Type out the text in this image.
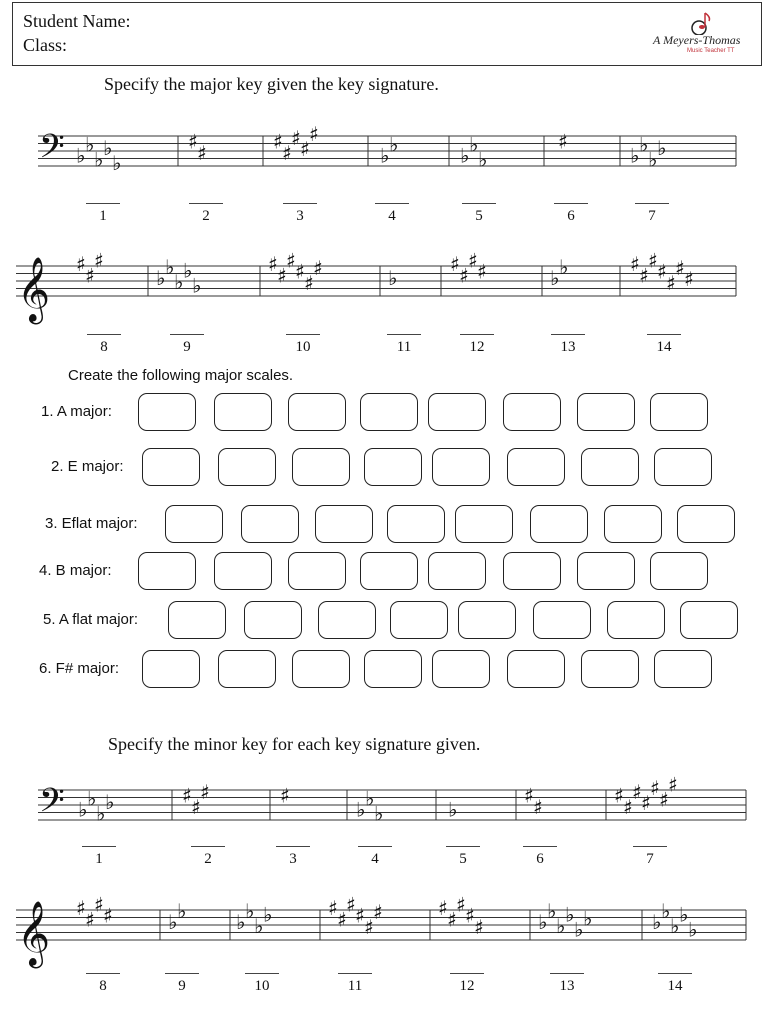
Student Name:
Class:	A Meyers-Thomas
Music Teacher TT
Specify the major key given the key signature.
𝄢 ♭ ♭
♭ ♭
♭
♯ ♯	♯ ♯
♯ ♯
♯
♭ ♭	♭ ♭
♭
♯
♭ ♭
♭ ♭
𝄞 ♯ ♯
♯
♭ ♭
♭ ♭
♭
♯ ♯
♯ ♯ ♯
♯	♭
♯ ♯
♯ ♯	♭ ♭	♯ ♯
♯ ♯ ♯
♯ ♯
𝄢 ♭ ♭
♭ ♭	♯ ♯
♯	♯
♭ ♭
♭	♭
♯ ♯	♯ ♯
♯ ♯
♯ ♯
♯
𝄞 ♯ ♯
♯ ♯	♭ ♭ ♭ ♭
♭ ♭	♯ ♯
♯ ♯ ♯
♯	♯ ♯
♯ ♯ ♯	♭ ♭
♭ ♭
♭ ♭	♭ ♭
♭ ♭
♭
1	2	3	4	5	6	7
8	9	10	11	12	13	14
1	2	3	4	5	6	7
8	9	10	11	12	13	14
Create the following major scales.
1. A major:
2. E major:
3. Eflat major:
4. B major:
5. A flat major:
6. F# major:
Specify the minor key for each key signature given.
